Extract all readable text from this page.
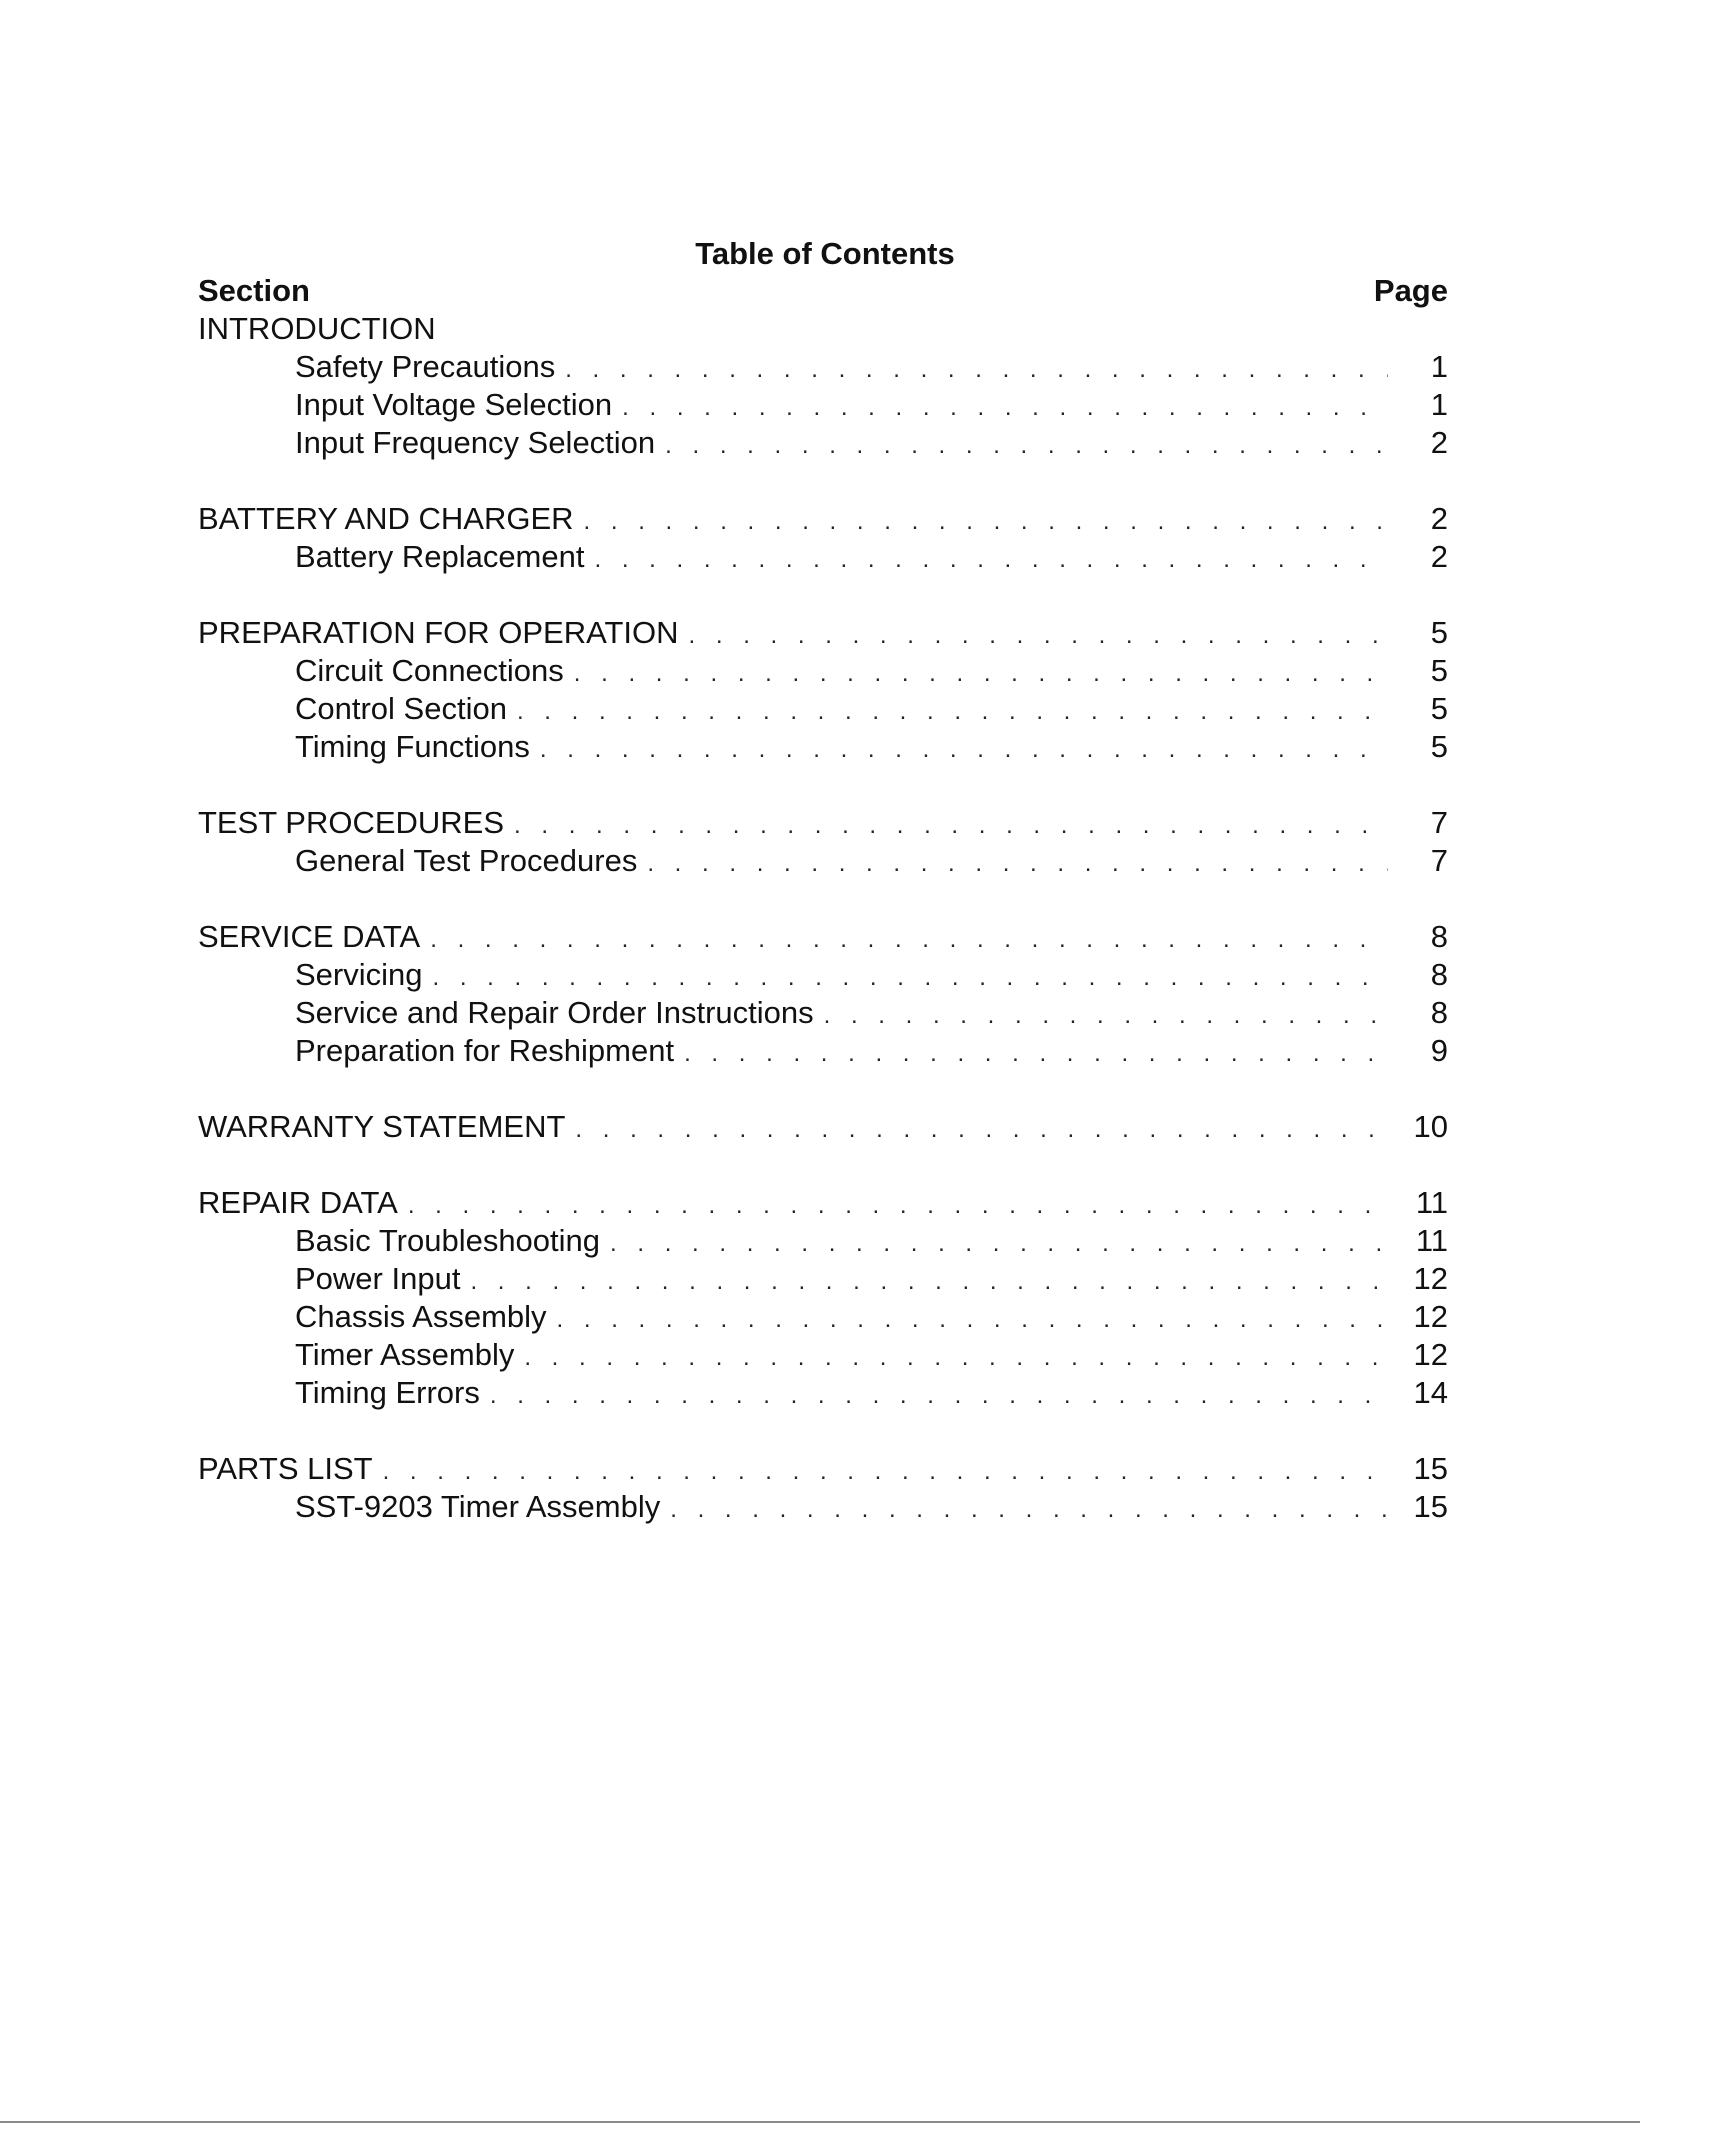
Table of Contents
Section	Page
INTRODUCTION
Safety Precautions . . .	1
Input Voltage Selection . . .	1
Input Frequency Selection . . .	2
BATTERY AND CHARGER . . .	2
Battery Replacement . . .	2
PREPARATION FOR OPERATION . . .	5
Circuit Connections . . .	5
Control Section . . .	5
Timing Functions . . .	5
TEST PROCEDURES . . .	7
General Test Procedures . . .	7
SERVICE DATA . . .	8
Servicing . . .	8
Service and Repair Order Instructions . . .	8
Preparation for Reshipment . . .	9
WARRANTY STATEMENT . . .	10
REPAIR DATA . . .	11
Basic Troubleshooting . . .	11
Power Input . . .	12
Chassis Assembly . . .	12
Timer Assembly . . .	12
Timing Errors . . .	14
PARTS LIST . . .	15
SST-9203 Timer Assembly . . .	15
